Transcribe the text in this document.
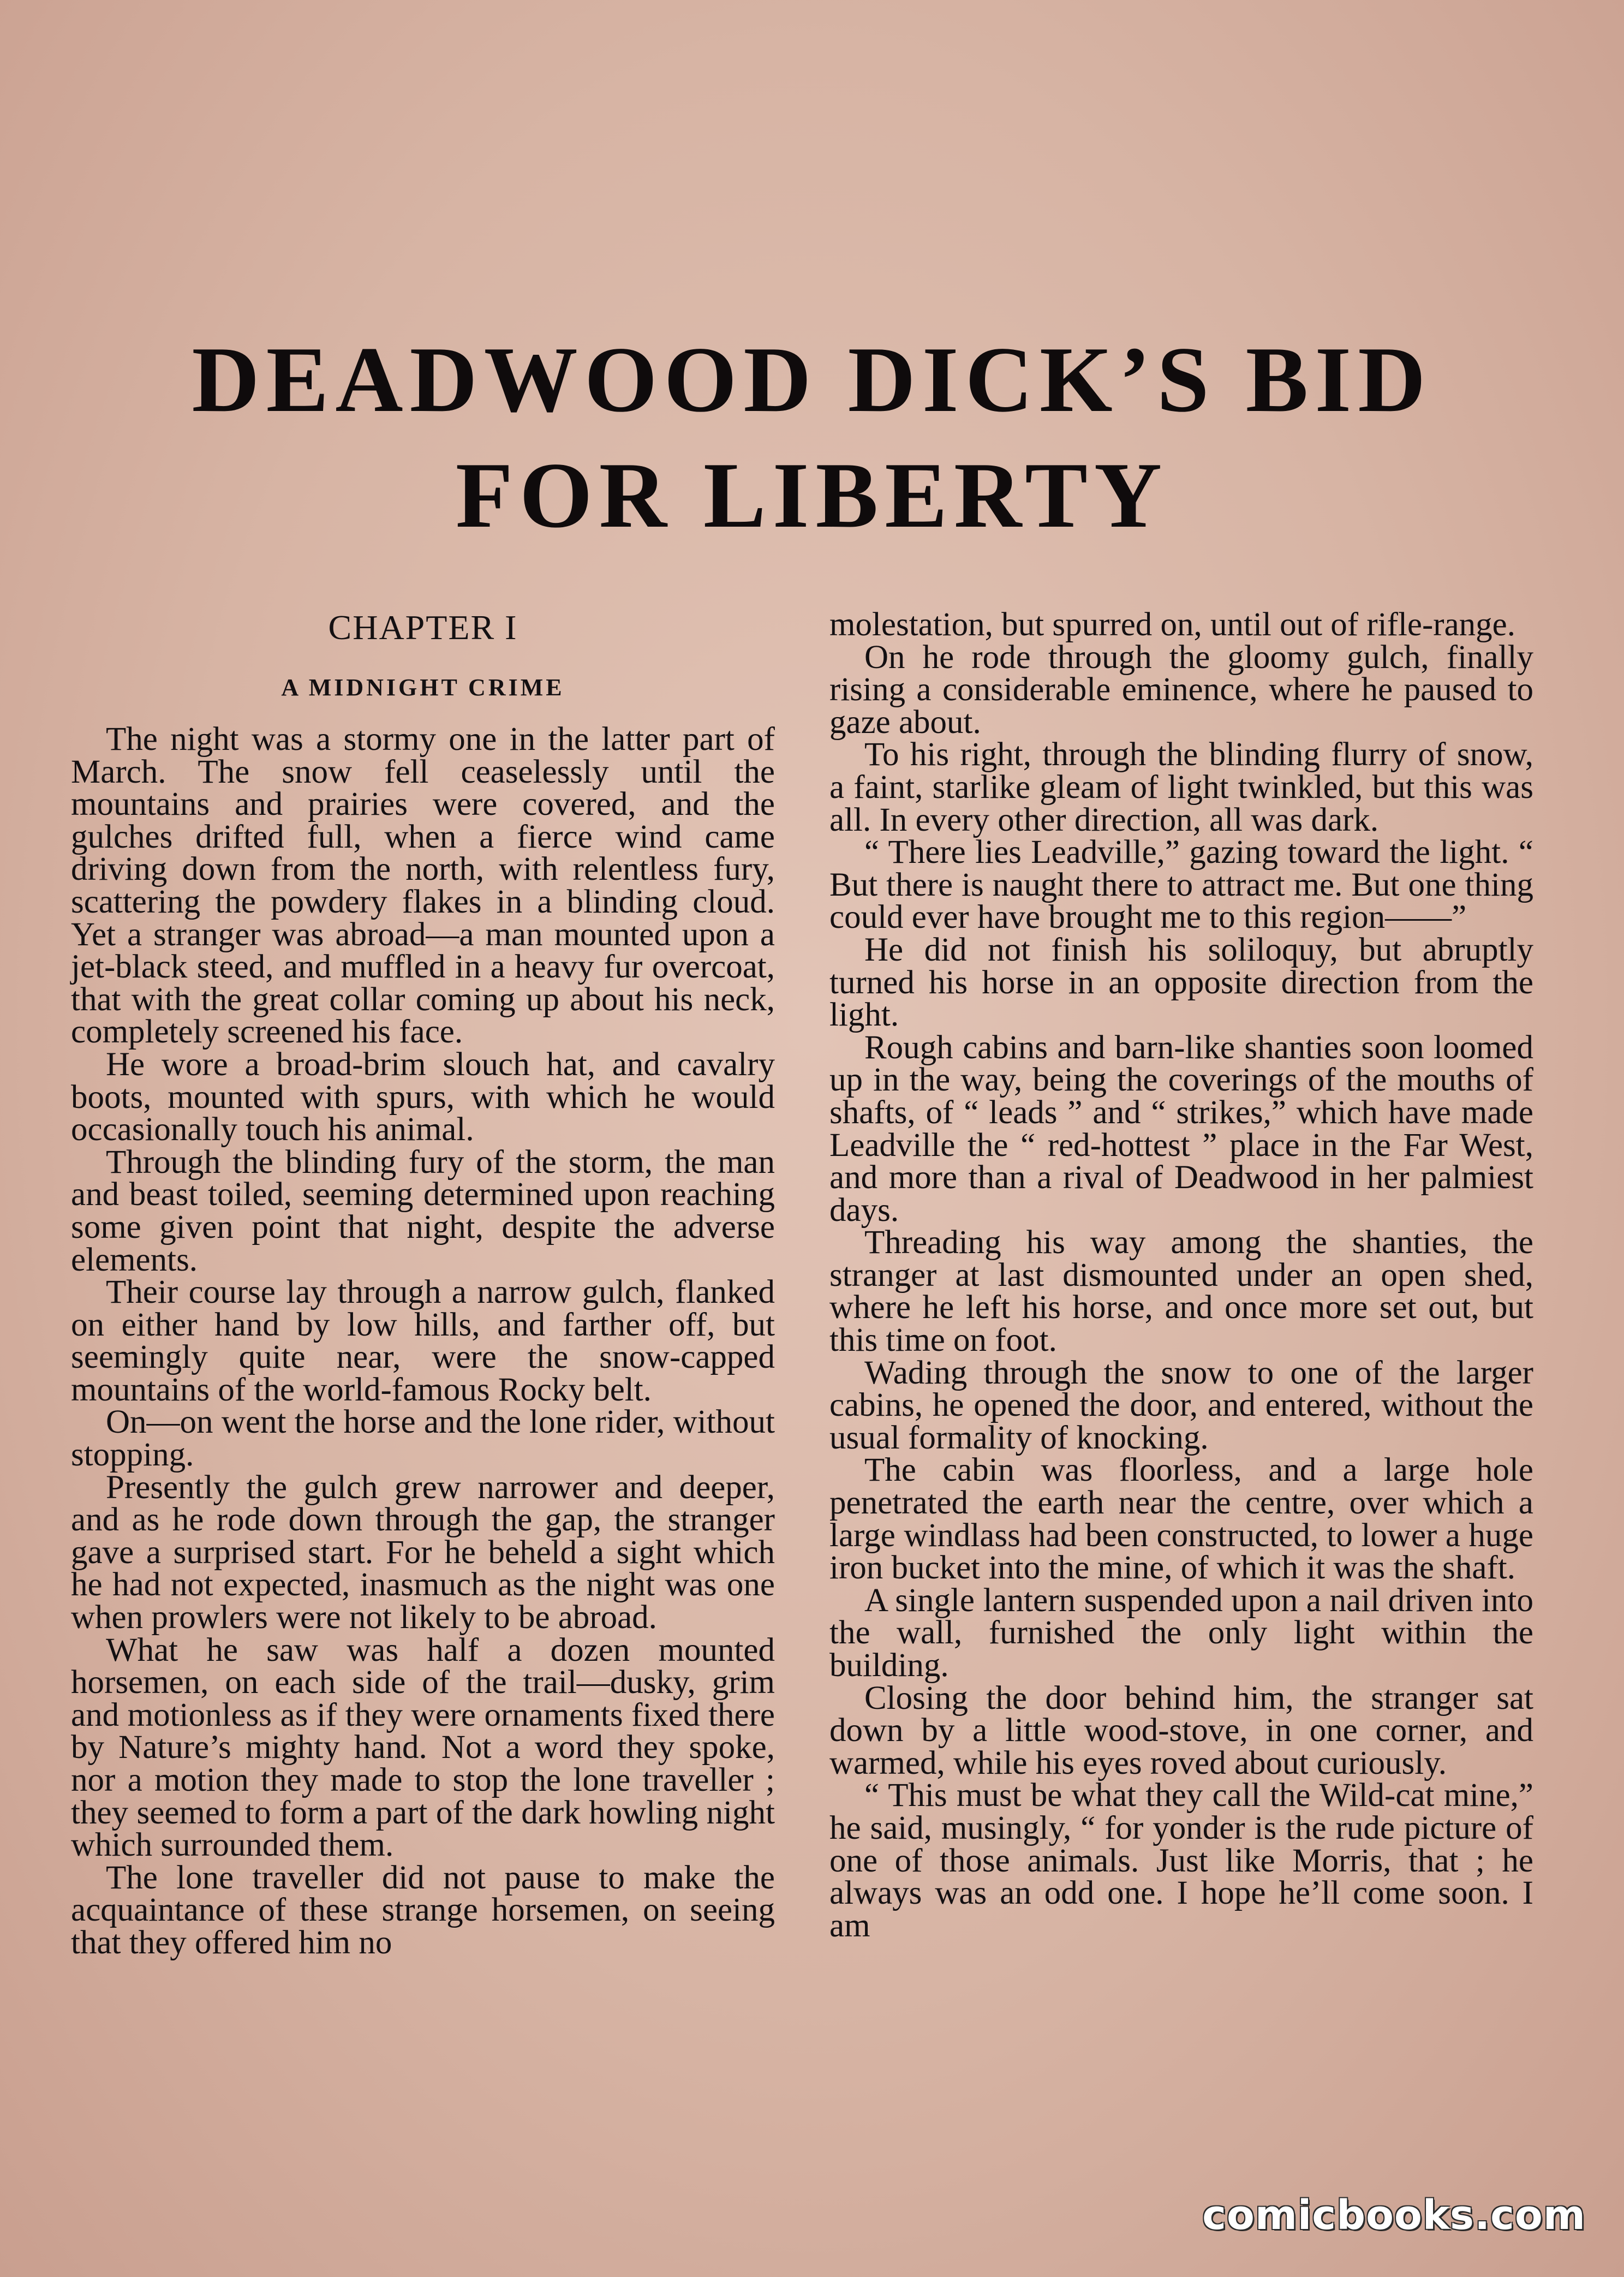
DEADWOOD DICK’S BID
FOR LIBERTY
CHAPTER I
A MIDNIGHT CRIME

The night was a stormy one in the latter part of March. The snow fell ceaselessly until the mountains and prairies were covered, and the gulches drifted full, when a fierce wind came driving down from the north, with relentless fury, scattering the powdery flakes in a blinding cloud. Yet a stranger was abroad—a man mounted upon a jet-black steed, and muffled in a heavy fur overcoat, that with the great collar coming up about his neck, completely screened his face.

He wore a broad-brim slouch hat, and cavalry boots, mounted with spurs, with which he would occasionally touch his animal.

Through the blinding fury of the storm, the man and beast toiled, seeming determined upon reaching some given point that night, despite the adverse elements.

Their course lay through a narrow gulch, flanked on either hand by low hills, and farther off, but seemingly quite near, were the snow-capped mountains of the world-famous Rocky belt.

On—on went the horse and the lone rider, without stopping.

Presently the gulch grew narrower and deeper, and as he rode down through the gap, the stranger gave a surprised start. For he beheld a sight which he had not expected, inasmuch as the night was one when prowlers were not likely to be abroad.

What he saw was half a dozen mounted horsemen, on each side of the trail—dusky, grim and motionless as if they were ornaments fixed there by Nature’s mighty hand. Not a word they spoke, nor a motion they made to stop the lone traveller ; they seemed to form a part of the dark howling night which surrounded them.

The lone traveller did not pause to make the acquaintance of these strange horsemen, on seeing that they offered him no

molestation, but spurred on, until out of rifle-range.

On he rode through the gloomy gulch, finally rising a considerable eminence, where he paused to gaze about.

To his right, through the blinding flurry of snow, a faint, starlike gleam of light twinkled, but this was all. In every other direction, all was dark.

“ There lies Leadville,” gazing toward the light. “ But there is naught there to attract me. But one thing could ever have brought me to this region——”

He did not finish his soliloquy, but abruptly turned his horse in an opposite direction from the light.

Rough cabins and barn-like shanties soon loomed up in the way, being the coverings of the mouths of shafts, of “ leads ” and “ strikes,” which have made Leadville the “ red-hottest ” place in the Far West, and more than a rival of Deadwood in her palmiest days.

Threading his way among the shanties, the stranger at last dismounted under an open shed, where he left his horse, and once more set out, but this time on foot.

Wading through the snow to one of the larger cabins, he opened the door, and entered, without the usual formality of knocking.

The cabin was floorless, and a large hole penetrated the earth near the centre, over which a large windlass had been constructed, to lower a huge iron bucket into the mine, of which it was the shaft.

A single lantern suspended upon a nail driven into the wall, furnished the only light within the building.

Closing the door behind him, the stranger sat down by a little wood-stove, in one corner, and warmed, while his eyes roved about curiously.

“ This must be what they call the Wild-cat mine,” he said, musingly, “ for yonder is the rude picture of one of those animals. Just like Morris, that ; he always was an odd one. I hope he’ll come soon. I am

comicbooks.com
